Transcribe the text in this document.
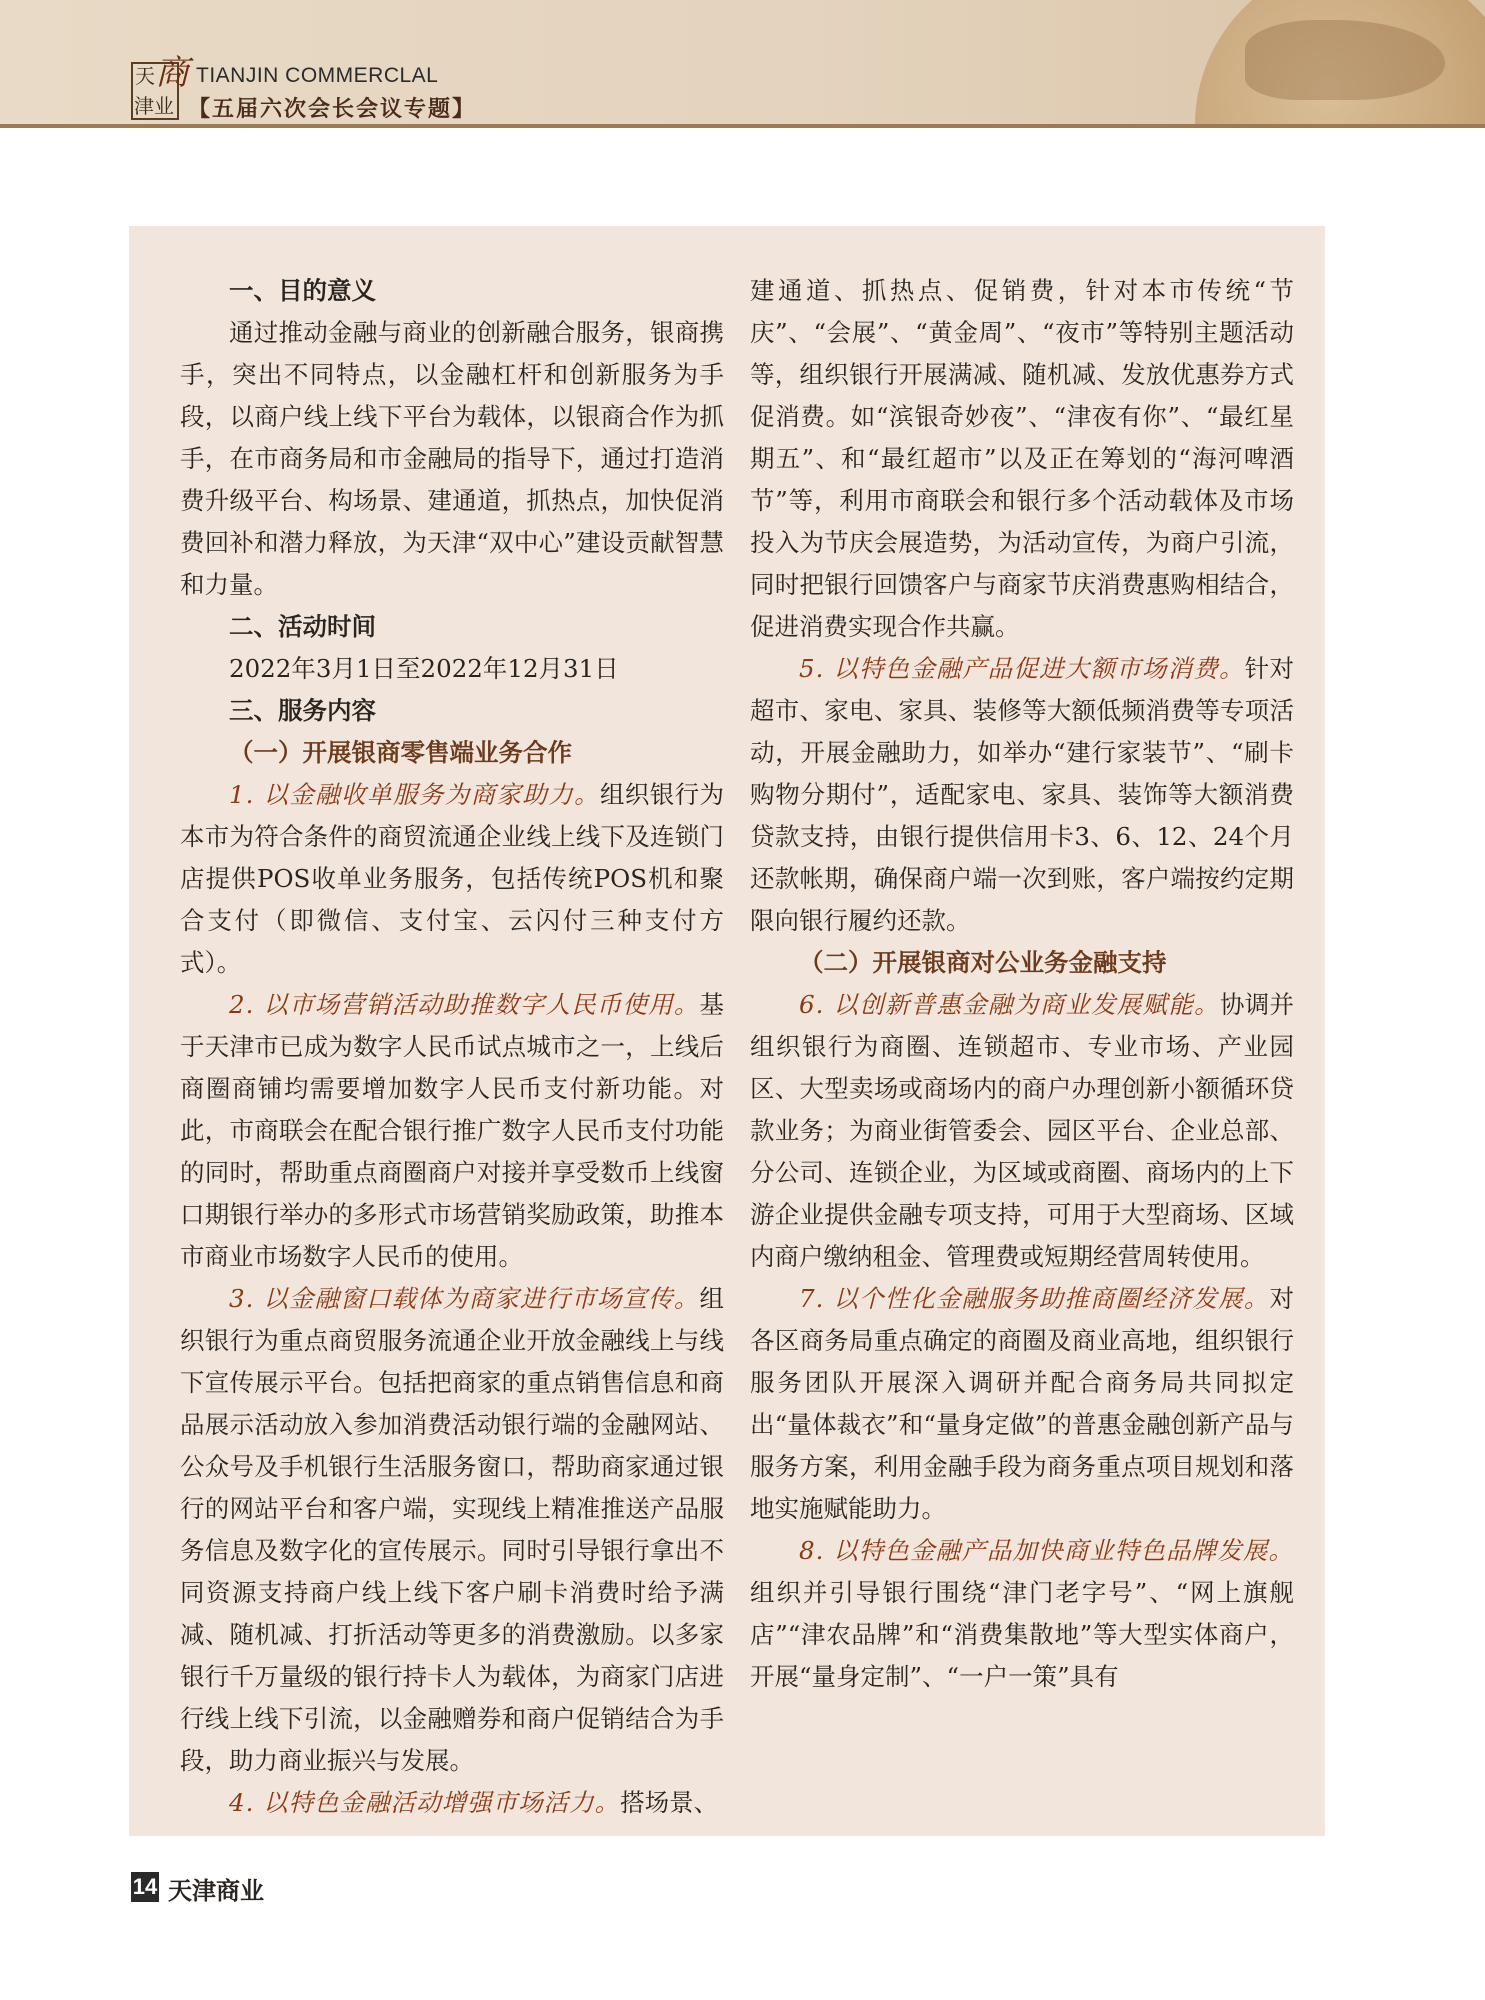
天 商
津业
TIANJIN COMMERCLAL
【五届六次会长会议专题】

一、目的意义

通过推动金融与商业的创新融合服务，银商携手，突出不同特点，以金融杠杆和创新服务为手段，以商户线上线下平台为载体，以银商合作为抓手，在市商务局和市金融局的指导下，通过打造消费升级平台、构场景、建通道，抓热点，加快促消费回补和潜力释放，为天津“双中心”建设贡献智慧和力量。

二、活动时间

2022年3月1日至2022年12月31日

三、服务内容

（一）开展银商零售端业务合作

1. 以金融收单服务为商家助力。组织银行为本市为符合条件的商贸流通企业线上线下及连锁门店提供POS收单业务服务，包括传统POS机和聚合支付（即微信、支付宝、云闪付三种支付方式）。

2. 以市场营销活动助推数字人民币使用。基于天津市已成为数字人民币试点城市之一，上线后商圈商铺均需要增加数字人民币支付新功能。对此，市商联会在配合银行推广数字人民币支付功能的同时，帮助重点商圈商户对接并享受数币上线窗口期银行举办的多形式市场营销奖励政策，助推本市商业市场数字人民币的使用。

3. 以金融窗口载体为商家进行市场宣传。组织银行为重点商贸服务流通企业开放金融线上与线下宣传展示平台。包括把商家的重点销售信息和商品展示活动放入参加消费活动银行端的金融网站、公众号及手机银行生活服务窗口，帮助商家通过银行的网站平台和客户端，实现线上精准推送产品服务信息及数字化的宣传展示。同时引导银行拿出不同资源支持商户线上线下客户刷卡消费时给予满减、随机减、打折活动等更多的消费激励。以多家银行千万量级的银行持卡人为载体，为商家门店进行线上线下引流，以金融赠券和商户促销结合为手段，助力商业振兴与发展。

4. 以特色金融活动增强市场活力。搭场景、

建通道、抓热点、促销费，针对本市传统“节庆”、“会展”、“黄金周”、“夜市”等特别主题活动等，组织银行开展满减、随机减、发放优惠券方式促消费。如“滨银奇妙夜”、“津夜有你”、“最红星期五”、和“最红超市”以及正在筹划的“海河啤酒节”等，利用市商联会和银行多个活动载体及市场投入为节庆会展造势，为活动宣传，为商户引流，同时把银行回馈客户与商家节庆消费惠购相结合，促进消费实现合作共赢。

5. 以特色金融产品促进大额市场消费。针对超市、家电、家具、装修等大额低频消费等专项活动，开展金融助力，如举办“建行家装节”、“刷卡购物分期付”，适配家电、家具、装饰等大额消费贷款支持，由银行提供信用卡3、6、12、24个月还款帐期，确保商户端一次到账，客户端按约定期限向银行履约还款。

（二）开展银商对公业务金融支持

6. 以创新普惠金融为商业发展赋能。协调并组织银行为商圈、连锁超市、专业市场、产业园区、大型卖场或商场内的商户办理创新小额循环贷款业务；为商业街管委会、园区平台、企业总部、分公司、连锁企业，为区域或商圈、商场内的上下游企业提供金融专项支持，可用于大型商场、区域内商户缴纳租金、管理费或短期经营周转使用。

7. 以个性化金融服务助推商圈经济发展。对各区商务局重点确定的商圈及商业高地，组织银行服务团队开展深入调研并配合商务局共同拟定出“量体裁衣”和“量身定做”的普惠金融创新产品与服务方案，利用金融手段为商务重点项目规划和落地实施赋能助力。

8. 以特色金融产品加快商业特色品牌发展。组织并引导银行围绕“津门老字号”、“网上旗舰店”“津农品牌”和“消费集散地”等大型实体商户，开展“量身定制”、“一户一策”具有

14 天津商业
